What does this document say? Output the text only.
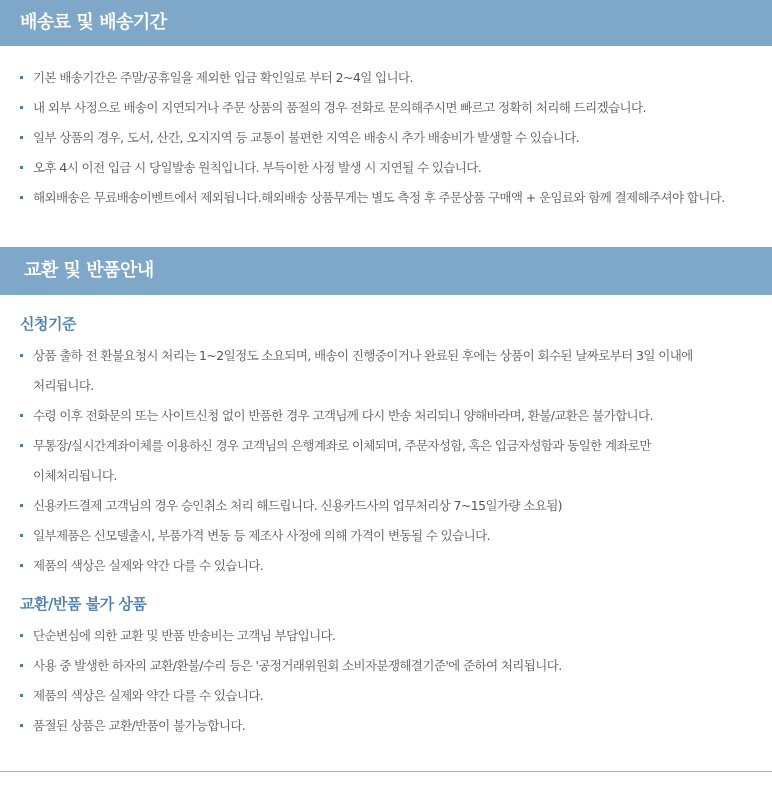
배송료 및 배송기간
기본 배송기간은 주말/공휴일을 제외한 입금 확인일로 부터 2~4일 입니다.
내 외부 사정으로 배송이 지연되거나 주문 상품의 품절의 경우 전화로 문의해주시면 빠르고 정확히 처리해 드리겠습니다.
일부 상품의 경우, 도서, 산간, 오지지역 등 교통이 불편한 지역은 배송시 추가 배송비가 발생할 수 있습니다.
오후 4시 이전 입금 시 당일발송 원칙입니다. 부득이한 사정 발생 시 지연될 수 있습니다.
해외배송은 무료배송이벤트에서 제외됩니다.해외배송 상품무게는 별도 측정 후 주문상품 구매액 + 운임료와 함께 결제해주셔야 합니다.
교환 및 반품안내
신청기준
상품 출하 전 환불요청시 처리는 1~2일정도 소요되며, 배송이 진행중이거나 완료된 후에는 상품이 회수된 날짜로부터 3일 이내에
처리됩니다.
수령 이후 전화문의 또는 사이트신청 없이 반품한 경우 고객님께 다시 반송 처리되니 양해바라며, 환불/교환은 불가합니다.
무통장/실시간계좌이체를 이용하신 경우 고객님의 은행계좌로 이체되며, 주문자성함, 혹은 입금자성함과 동일한 계좌로만
이체처리됩니다.
신용카드결제 고객님의 경우 승인취소 처리 해드립니다. 신용카드사의 업무처리상 7~15일가량 소요됨)
일부제품은 신모델출시, 부품가격 변동 등 제조사 사정에 의해 가격이 변동될 수 있습니다.
제품의 색상은 실제와 약간 다를 수 있습니다.
교환/반품 불가 상품
단순변심에 의한 교환 및 반품 반송비는 고객님 부담입니다.
사용 중 발생한 하자의 교환/환불/수리 등은 '공정거래위원회 소비자분쟁해결기준'에 준하여 처리됩니다.
제품의 색상은 실제와 약간 다를 수 있습니다.
품절된 상품은 교환/반품이 불가능합니다.
